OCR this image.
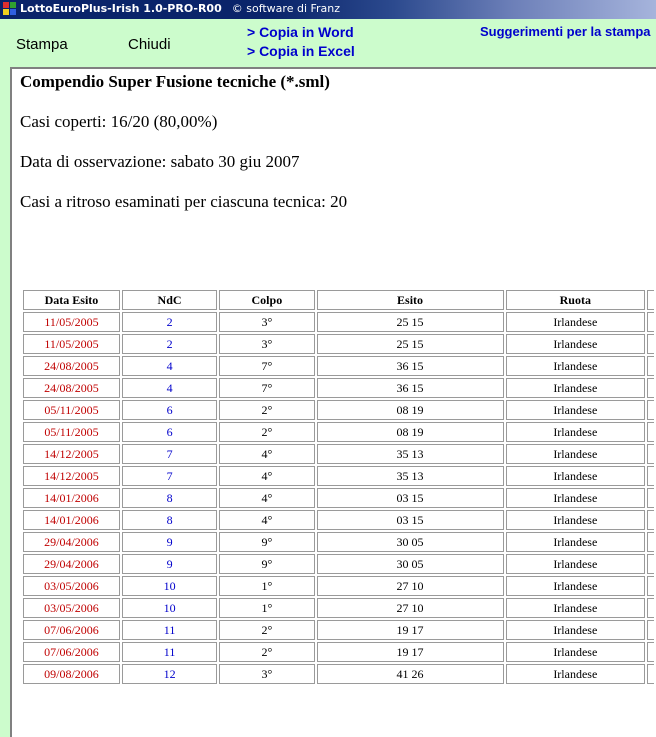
LottoEuroPlus-Irish 1.0-PRO-R00 © software di Franz
Stampa	Chiudi
> Copia in Word
> Copia in Excel
Suggerimenti per la stampa
Compendio Super Fusione tecniche (*.sml)
Casi coperti: 16/20 (80,00%)
Data di osservazione: sabato 30 giu 2007
Casi a ritroso esaminati per ciascuna tecnica: 20
Data Esito	NdC	Colpo	Esito	Ruota	
11/05/2005	2	3°	25 15	Irlandese	
11/05/2005	2	3°	25 15	Irlandese	
24/08/2005	4	7°	36 15	Irlandese	
24/08/2005	4	7°	36 15	Irlandese	
05/11/2005	6	2°	08 19	Irlandese	
05/11/2005	6	2°	08 19	Irlandese	
14/12/2005	7	4°	35 13	Irlandese	
14/12/2005	7	4°	35 13	Irlandese	
14/01/2006	8	4°	03 15	Irlandese	
14/01/2006	8	4°	03 15	Irlandese	
29/04/2006	9	9°	30 05	Irlandese	
29/04/2006	9	9°	30 05	Irlandese	
03/05/2006	10	1°	27 10	Irlandese	
03/05/2006	10	1°	27 10	Irlandese	
07/06/2006	11	2°	19 17	Irlandese	
07/06/2006	11	2°	19 17	Irlandese	
09/08/2006	12	3°	41 26	Irlandese	
